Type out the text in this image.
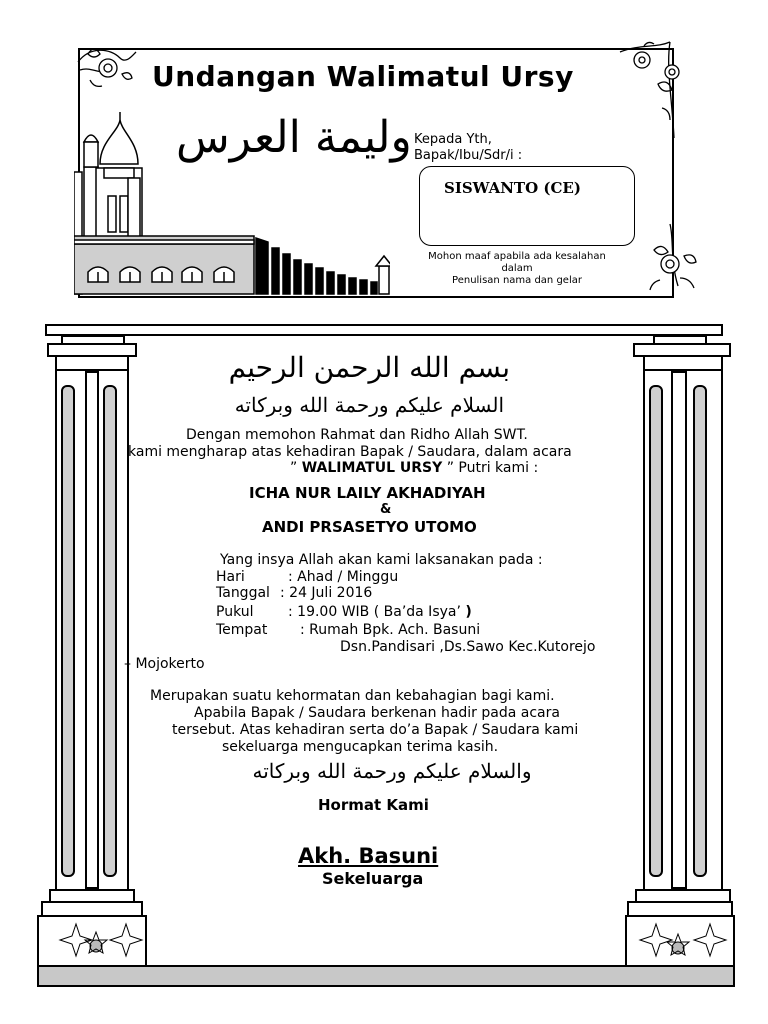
Undangan Walimatul Ursy
وليمة العرس Kepada Yth,
Bapak/Ibu/Sdr/i :
SISWANTO (CE)
Mohon maaf apabila ada kesalahan
dalam
Penulisan nama dan gelar
بسم الله الرحمن الرحيم
السلام عليكم ورحمة الله وبركاته
Dengan memohon Rahmat dan Ridho Allah SWT.
kami mengharap atas kehadiran Bapak / Saudara, dalam acara
” WALIMATUL URSY ” Putri kami :
ICHA NUR LAILY AKHADIYAH
&
ANDI PRSASETYO UTOMO
Yang insya Allah akan kami laksanakan pada :
Hari	: Ahad / Minggu
Tanggal : 24 Juli 2016
Pukul : 19.00 WIB ( Ba’da Isya’ )
Tempat : Rumah Bpk. Ach. Basuni
Dsn.Pandisari ,Ds.Sawo Kec.Kutorejo
– Mojokerto
Merupakan suatu kehormatan dan kebahagian bagi kami.
Apabila Bapak / Saudara berkenan hadir pada acara
tersebut. Atas kehadiran serta do’a Bapak / Saudara kami
sekeluarga mengucapkan terima kasih.
والسلام عليكم ورحمة الله وبركاته
Hormat Kami
Akh. Basuni
Sekeluarga
